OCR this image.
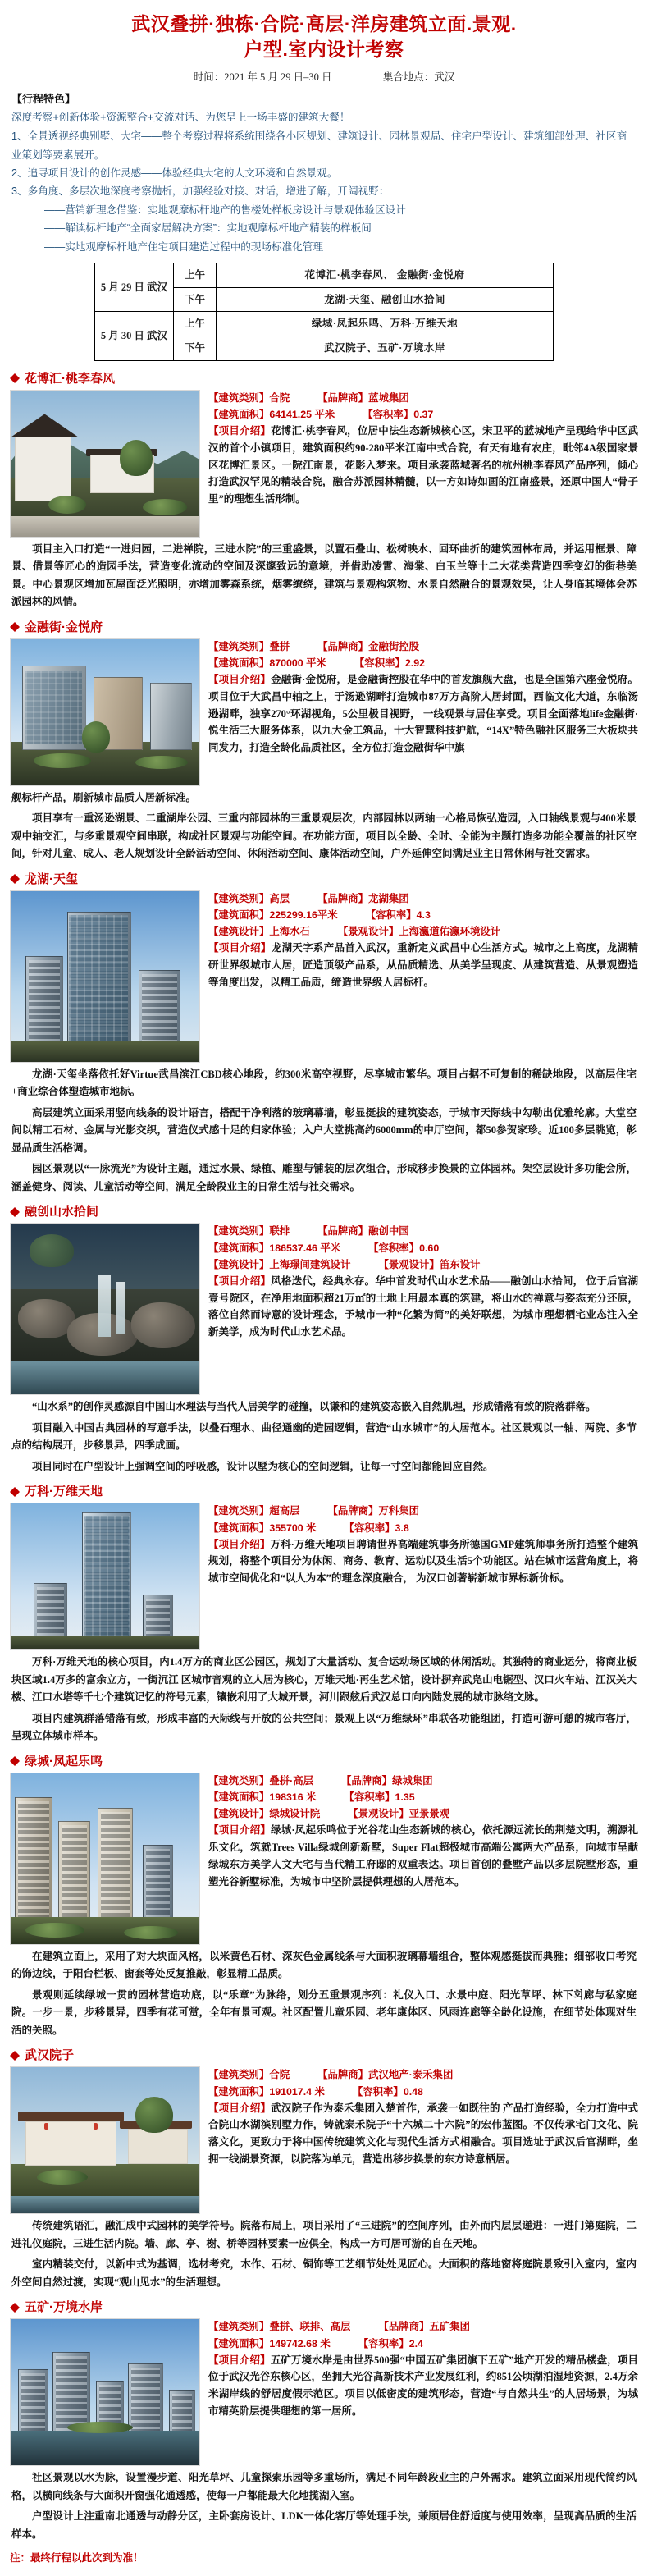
武汉叠拼·独栋·合院·高层·洋房建筑立面.景观.
户型.室内设计考察
时间：2021 年 5 月 29 日–30 日	集合地点：武汉
【行程特色】

深度考察+创新体验+资源整合+交流对话、为您呈上一场丰盛的建筑大餐！

1、全景透视经典别墅、大宅——整个考察过程将系统围绕各小区规划、建筑设计、园林景观局、住宅户型设计、建筑细部处理、社区商业策划等要素展开。

2、追寻项目设计的创作灵感——体验经典大宅的人文环境和自然景观。

3、多角度、多层次地深度考察抛析，加强经验对接、对话，增进了解，开阔视野：

——营销新理念借鉴：实地观摩标杆地产的售楼处样板房设计与景观体验区设计

——解读标杆地产“全面家居解决方案”：实地观摩标杆地产精装的样板间

——实地观摩标杆地产住宅项目建造过程中的现场标准化管理

5 月 29 日 武汉	上午	花博汇·桃李春风、 金融街·金悦府
	下午	龙湖·天玺、融创山水拾间
5 月 30 日 武汉	上午	绿城·凤起乐鸣、万科·万维天地
	下午	武汉院子、五矿·万境水岸
花博汇·桃李春风
【建筑类别】合院	【品牌商】蓝城集团
【建筑面积】64141.25 平米	【容积率】0.37

【项目介绍】花博汇·桃李春风，位居中法生态新城核心区，宋卫平的蓝城地产呈现给华中区武汉的首个小镇项目，建筑面积约90-280平米江南中式合院，有天有地有农庄，毗邻4A级国家景区花博汇景区。一院江南景，花影入梦来。项目承袭蓝城著名的杭州桃李春风产品序列，倾心打造武汉罕见的精装合院，融合苏派园林精髓，以一方如诗如画的江南盛景，还原中国人“骨子里”的理想生活形制。

项目主入口打造“一进归园，二进禅院，三进水院”的三重盛景，以置石叠山、松树映水、回环曲折的建筑园林布局，并运用框景、障景、借景等匠心的造园手法，营造变化流动的空间及深邃致远的意境，并借助凌霄、海棠、白玉兰等十二大花类营造四季变幻的街巷美景。中心景观区增加瓦屋面泛光照明，亦增加雾森系统，烟雾缭绕，建筑与景观构筑物、水景自然融合的景观效果，让人身临其境体会苏派园林的风情。

金融街·金悦府
【建筑类别】叠拼	【品牌商】金融街控股
【建筑面积】870000 平米	【容积率】2.92

【项目介绍】金融街·金悦府，是金融街控股在华中的首发旗舰大盘，也是全国第六座金悦府。项目位于大武昌中轴之上，于汤逊湖畔打造城市87万方高阶人居封面，西临文化大道，东临汤逊湖畔，独享270°环湖视角，5公里极目视野， 一线观景与居住享受。项目全面落地life金融街·悦生活三大服务体系，以九大金工筑品，十大智慧科技护航，“14X”特色融社区服务三大板块共同发力，打造全龄化品质社区，全方位打造金融街华中旗

舰标杆产品，刷新城市品质人居新标准。

项目享有一重汤逊湖景、二重湖岸公园、三重内部园林的三重景观层次，内部园林以两轴一心格局恢弘造园，入口轴线景观与400米景观中轴交汇，与多重景观空间串联，构成社区景观与功能空间。在功能方面，项目以全龄、全时、全能为主题打造多功能全覆盖的社区空间，针对儿童、成人、老人规划设计全龄活动空间、休闲活动空间、康体活动空间，户外延伸空间满足业主日常休闲与社交需求。

龙湖·天玺
【建筑类别】高层	【品牌商】龙湖集团
【建筑面积】225299.16平米	【容积率】4.3
【建筑设计】上海水石	【景观设计】上海瀛道佑瀛环境设计

【项目介绍】龙湖天字系产品首入武汉，重新定义武昌中心生活方式。城市之上高度，龙湖精研世界级城市人居，匠造顶级产品系，从品质精选、从美学呈现度、从建筑营造、从景观塑造等角度出发，以精工品质，缔造世界级人居标杆。

龙湖·天玺坐落依托好Virtue武昌滨江CBD核心地段，约300米高空视野，尽享城市繁华。项目占据不可复制的稀缺地段，以高层住宅+商业综合体塑造城市地标。

高层建筑立面采用竖向线条的设计语言，搭配干净利落的玻璃幕墙，彰显挺拔的建筑姿态，于城市天际线中勾勒出优雅轮廓。大堂空间以精工石材、金属与光影交织，营造仪式感十足的归家体验；入户大堂挑高约6000mm的中厅空间，都50参贺家珍。近100多层眺览，彰显品质生活格调。

园区景观以“一脉流光”为设计主题，通过水景、绿植、雕塑与铺装的层次组合，形成移步换景的立体园林。架空层设计多功能会所，涵盖健身、阅读、儿童活动等空间，满足全龄段业主的日常生活与社交需求。

融创山水拾间
【建筑类别】联排	【品牌商】融创中国
【建筑面积】186537.46 平米	【容积率】0.60
【建筑设计】上海璟间建筑设计	【景观设计】笛东设计

【项目介绍】风格迭代，经典永存。华中首发时代山水艺术品——融创山水拾间， 位于后官湖壹号院区，在净用地面积超21万㎡的土地上用最本真的筑建，将山水的禅意与姿态充分还原，落位自然而诗意的设计理念，予城市一种“化繁为简”的美好联想，为城市理想栖宅业态注入全新美学，成为时代山水艺术品。

“山水系”的创作灵感源自中国山水理法与当代人居美学的碰撞，以谦和的建筑姿态嵌入自然肌理，形成错落有致的院落群落。

项目融入中国古典园林的写意手法，以叠石理水、曲径通幽的造园逻辑，营造“山水城市”的人居范本。社区景观以一轴、两院、多节点的结构展开，步移景异，四季成画。

项目同时在户型设计上强调空间的呼吸感，设计以墅为核心的空间逻辑，让每一寸空间都能回应自然。

万科·万维天地
【建筑类别】超高层	【品牌商】万科集团
【建筑面积】355700 米	【容积率】3.8

【项目介绍】万科·万维天地项目聘请世界高端建筑事务所德国GMP建筑师事务所打造整个建筑规划，将整个项目分为休闲、商务、教育、运动以及生活5个功能区。站在城市运营角度上，将城市空间优化和“以人为本”的理念深度融合， 为汉口创著崭新城市界标新价标。

万科·万维天地的核心项目，内1.4万方的商业区公园区，规划了大量活动、复合运动场区域的休闲活动。其独特的商业运分，将商业板块区域1.4万多的富余立方，一街沉江 区城市音观的立人居为核心，万维天地·再生艺术馆，设计摒弃武凫山电锯型、汉口火车站、江汉关大楼、江口水塔等千七个建筑记忆的符号元素，镶嵌利用了大城开景，河川跟舷后武汉总口向内陆发展的城市脉络文脉。

项目内建筑群落错落有致，形成丰富的天际线与开放的公共空间；景观上以“万维绿环”串联各功能组团，打造可游可憩的城市客厅，呈现立体城市样本。

绿城·凤起乐鸣
【建筑类别】叠拼·高层	【品牌商】绿城集团
【建筑面积】198316 米	【容积率】1.35
【建筑设计】绿城设计院	【景观设计】亚景景观

【项目介绍】绿城·凤起乐鸣位于光谷花山生态新城的核心，依托源远流长的荆楚文明，溯源礼乐文化，筑就Trees Villa绿城创新新墅，Super Flat超极城市高端公寓两大产品系，向城市呈献绿城东方美学人文大宅与当代精工府邸的双重表达。项目首创的叠墅产品以多层院墅形态，重塑光谷新墅标准，为城市中坚阶层提供理想的人居范本。

在建筑立面上，采用了对大块面风格，以米黄色石材、深灰色金属线条与大面积玻璃幕墙组合，整体观感挺拔而典雅；细部收口考究的饰边线，于阳台栏板、窗套等处反复推敲，彰显精工品质。

景观则延续绿城一贯的园林营造功底，以“乐章”为脉络，划分五重景观序列：礼仪入口、水景中庭、阳光草坪、林下회廊与私家庭院。一步一景，步移景异，四季有花可赏，全年有景可观。社区配置儿童乐园、老年康体区、风雨连廊等全龄化设施，在细节处体现对生活的关照。

武汉院子
【建筑类别】合院	【品牌商】武汉地产·泰禾集团
【建筑面积】191017.4 米	【容积率】0.48

【项目介绍】武汉院子作为泰禾集团入楚首作，承袭一如既往的 产品打造经验，全力打造中式合院山水湖滨别墅力作，铸就泰禾院子“十六城二十六院”的宏伟蓝图。不仅传承宅门文化、院落文化，更致力于将中国传统建筑文化与现代生活方式相融合。项目选址于武汉后官湖畔，坐拥一线湖景资源，以院落为单元，营造出移步换景的东方诗意栖居。

传统建筑语汇，融汇成中式园林的美学符号。院落布局上，项目采用了“三进院”的空间序列，由外而内层层递进：一进门第庭院，二进礼仪庭院，三进生活内院。墙、廊、亭、榭、桥等园林要素一应俱全，构成一方可居可游的自在天地。

室内精装交付，以新中式为基调，选材考究，木作、石材、铜饰等工艺细节处处见匠心。大面积的落地窗将庭院景致引入室内，室内外空间自然过渡，实现“观山见水”的生活理想。

五矿·万境水岸
【建筑类别】叠拼、联排、高层	【品牌商】五矿集团
【建筑面积】149742.68 米	【容积率】2.4

【项目介绍】五矿万境水岸是由世界500强“中国五矿集团旗下五矿”地产开发的精品楼盘，项目位于武汉光谷东核心区，坐拥大光谷高新技术产业发展红利，约851公顷湖泊湿地资源，2.4万余米湖岸线的舒居度假示范区。项目以低密度的建筑形态，营造“与自然共生”的人居场景，为城市精英阶层提供理想的第一居所。

社区景观以水为脉，设置漫步道、阳光草坪、儿童探索乐园等多重场所，满足不同年龄段业主的户外需求。建筑立面采用现代简约风格，以横向线条与大面积开窗强化通透感，使每一户都能最大化地揽湖入室。

户型设计上注重南北通透与动静分区，主卧套房设计、LDK一体化客厅等处理手法，兼顾居住舒适度与使用效率，呈现高品质的生活样本。

注：最终行程以此次到为准！
